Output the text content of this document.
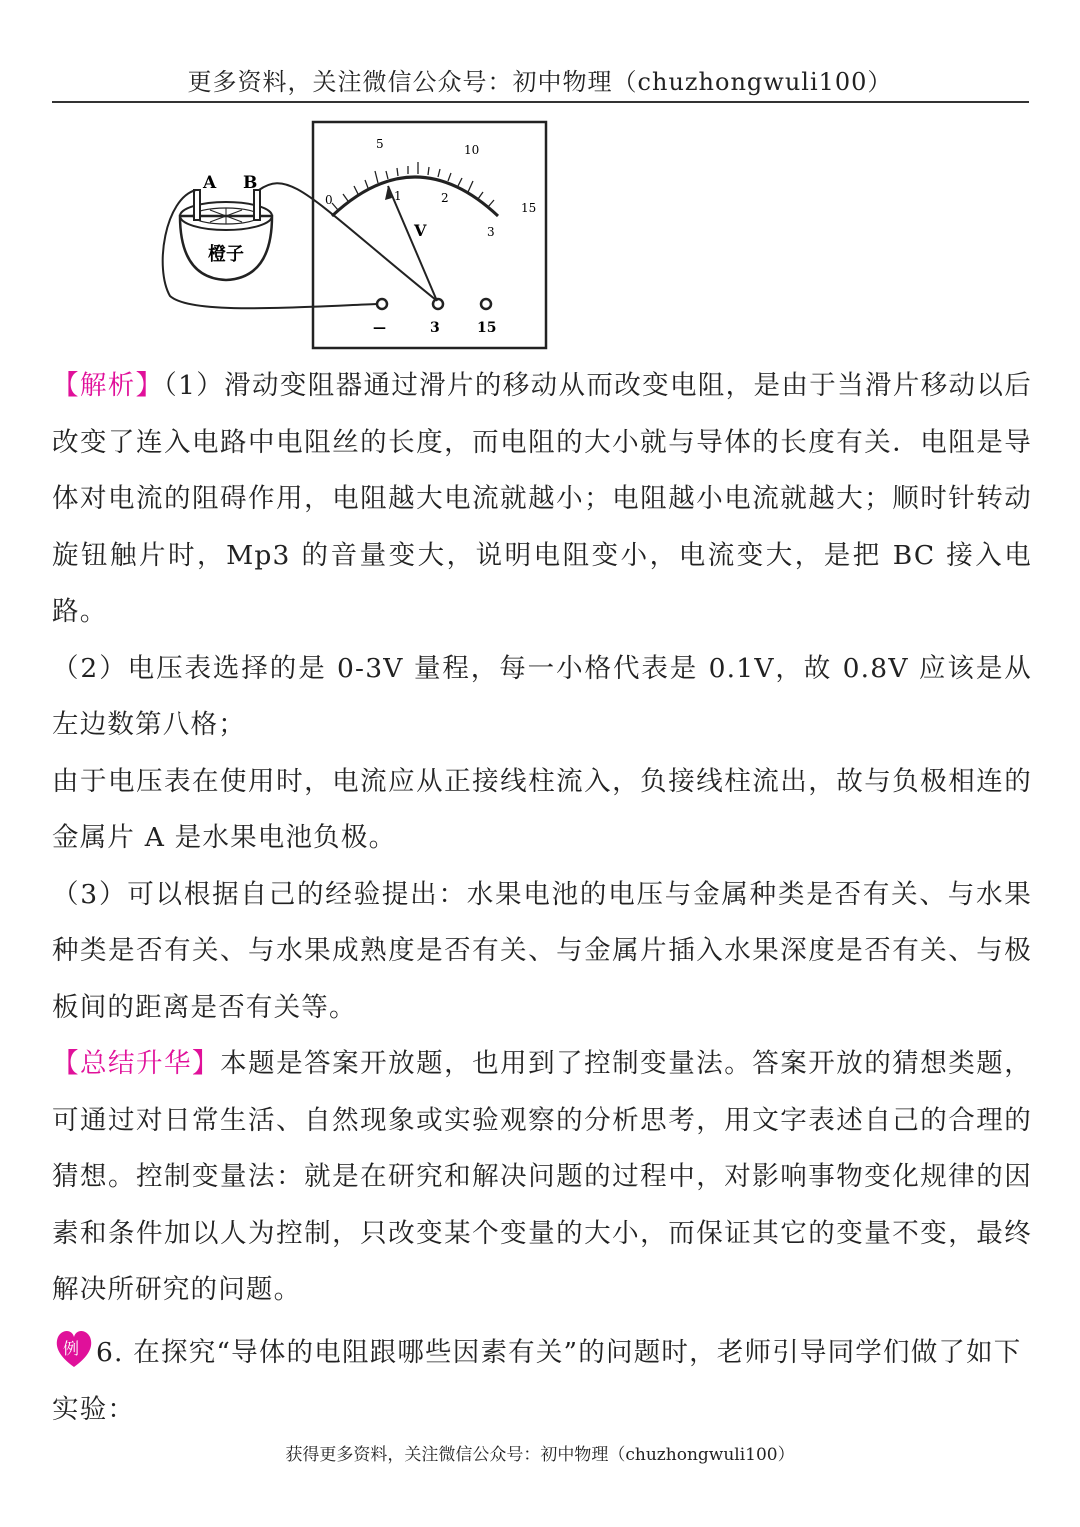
更多资料，关注微信公众号：初中物理（chuzhongwuli100）
0
5	10
15
1	2
3
V
—	3	15
A B
橙子

【解析】（1）滑动变阻器通过滑片的移动从而改变电阻，是由于当滑片移动以后改变了连入电路中电阻丝的长度，而电阻的大小就与导体的长度有关．电阻是导体对电流的阻碍作用，电阻越大电流就越小；电阻越小电流就越大；顺时针转动旋钮触片时，Mp3 的音量变大，说明电阻变小，电流变大，是把 BC 接入电路。

（2）电压表选择的是 0-3V 量程，每一小格代表是 0.1V，故 0.8V 应该是从左边数第八格；

由于电压表在使用时，电流应从正接线柱流入，负接线柱流出，故与负极相连的金属片 A 是水果电池负极。

（3）可以根据自己的经验提出：水果电池的电压与金属种类是否有关、与水果种类是否有关、与水果成熟度是否有关、与金属片插入水果深度是否有关、与极板间的距离是否有关等。

【总结升华】本题是答案开放题，也用到了控制变量法。答案开放的猜想类题，可通过对日常生活、自然现象或实验观察的分析思考，用文字表述自己的合理的猜想。控制变量法：就是在研究和解决问题的过程中，对影响事物变化规律的因素和条件加以人为控制，只改变某个变量的大小，而保证其它的变量不变，最终解决所研究的问题。

例 6. 在探究“导体的电阻跟哪些因素有关”的问题时，老师引导同学们做了如下实验：

获得更多资料，关注微信公众号：初中物理（chuzhongwuli100）
